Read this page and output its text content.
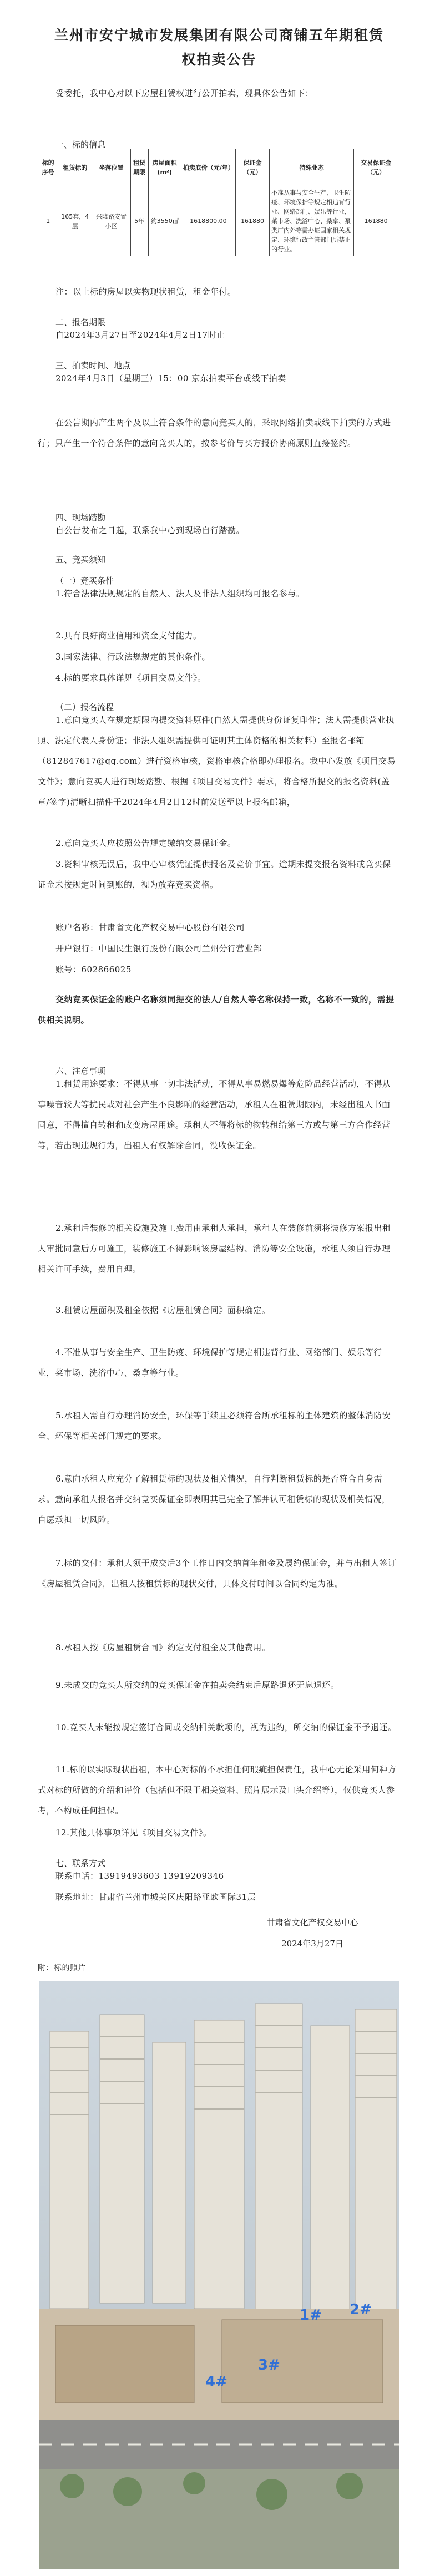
兰州市安宁城市发展集团有限公司商铺五年期租赁权拍卖公告

受委托，我中心对以下房屋租赁权进行公开拍卖，现具体公告如下：

一、标的信息

标的序号	租赁标的	坐落位置	租赁期限	房屋面积(m²)	拍卖底价（元/年）	保证金（元）	特殊业态	交易保证金（元）
1	165套，4层	兴隆路安置小区	5年	约3550㎡	1618800.00	161880	不准从事与安全生产、卫生防疫、环境保护等规定相违背行业、网络部门、娱乐等行业，菜市场、洗浴中心、桑拿、泵类厂内外等需办证国家相关规定、环境行政主管部门所禁止的行业。	161880

注：以上标的房屋以实物现状租赁，租金年付。

二、报名期限

自2024年3月27日至2024年4月2日17时止

三、拍卖时间、地点

2024年4月3日（星期三）15：00 京东拍卖平台或线下拍卖

在公告期内产生两个及以上符合条件的意向竞买人的，采取网络拍卖或线下拍卖的方式进行；只产生一个符合条件的意向竞买人的，按参考价与买方报价协商原则直接签约。

四、现场踏勘

自公告发布之日起，联系我中心到现场自行踏勘。

五、竞买须知

（一）竞买条件

1.符合法律法规规定的自然人、法人及非法人组织均可报名参与。

2.具有良好商业信用和资金支付能力。

3.国家法律、行政法规规定的其他条件。

4.标的要求具体详见《项目交易文件》。

（二）报名流程

1.意向竞买人在规定期限内提交资料原件(自然人需提供身份证复印件；法人需提供营业执照、法定代表人身份证；非法人组织需提供可证明其主体资格的相关材料）至报名邮箱（812847617@qq.com）进行资格审核，资格审核合格即办理报名。我中心发放《项目交易文件》；意向竞买人进行现场踏勘、根据《项目交易文件》要求，将合格所提交的报名资料(盖章/签字)清晰扫描件于2024年4月2日12时前发送至以上报名邮箱，

2.意向竞买人应按照公告规定缴纳交易保证金。

3.资料审核无误后，我中心审核凭证提供报名及竞价事宜。逾期未提交报名资料或竞买保证金未按规定时间到账的，视为放弃竞买资格。

账户名称：甘肃省文化产权交易中心股份有限公司

开户银行：中国民生银行股份有限公司兰州分行营业部

账号：602866025

交纳竞买保证金的账户名称须同提交的法人/自然人等名称保持一致，名称不一致的，需提供相关说明。

六、注意事项

1.租赁用途要求：不得从事一切非法活动，不得从事易燃易爆等危险品经营活动，不得从事噪音较大等扰民或对社会产生不良影响的经营活动，承租人在租赁期限内，未经出租人书面同意，不得擅自转租和改变房屋用途。承租人不得将标的物转租给第三方或与第三方合作经营等，若出现违规行为，出租人有权解除合同，没收保证金。

2.承租后装修的相关设施及施工费用由承租人承担，承租人在装修前须将装修方案报出租人审批同意后方可施工，装修施工不得影响该房屋结构、消防等安全设施，承租人须自行办理相关许可手续，费用自理。

3.租赁房屋面积及租金依据《房屋租赁合同》面积确定。

4.不准从事与安全生产、卫生防疫、环境保护等规定相违背行业、网络部门、娱乐等行业，菜市场、洗浴中心、桑拿等行业。

5.承租人需自行办理消防安全，环保等手续且必须符合所承租标的主体建筑的整体消防安全、环保等相关部门规定的要求。

6.意向承租人应充分了解租赁标的现状及相关情况，自行判断租赁标的是否符合自身需求。意向承租人报名并交纳竞买保证金即表明其已完全了解并认可租赁标的现状及相关情况，自愿承担一切风险。

7.标的交付：承租人须于成交后3个工作日内交纳首年租金及履约保证金，并与出租人签订《房屋租赁合同》，出租人按租赁标的现状交付，具体交付时间以合同约定为准。

8.承租人按《房屋租赁合同》约定支付租金及其他费用。

9.未成交的竞买人所交纳的竞买保证金在拍卖会结束后原路退还无息退还。

10.竞买人未能按规定签订合同或交纳相关款项的，视为违约，所交纳的保证金不予退还。

11.标的以实际现状出租，本中心对标的不承担任何瑕疵担保责任，我中心无论采用何种方式对标的所做的介绍和评价（包括但不限于相关资料、照片展示及口头介绍等），仅供竞买人参考，不构成任何担保。

12.其他具体事项详见《项目交易文件》。

七、联系方式

联系电话：13919493603 13919209346

联系地址：甘肃省兰州市城关区庆阳路亚欧国际31层

甘肃省文化产权交易中心
2024年3月27日

附：标的照片

1# 2#
3#
4#
